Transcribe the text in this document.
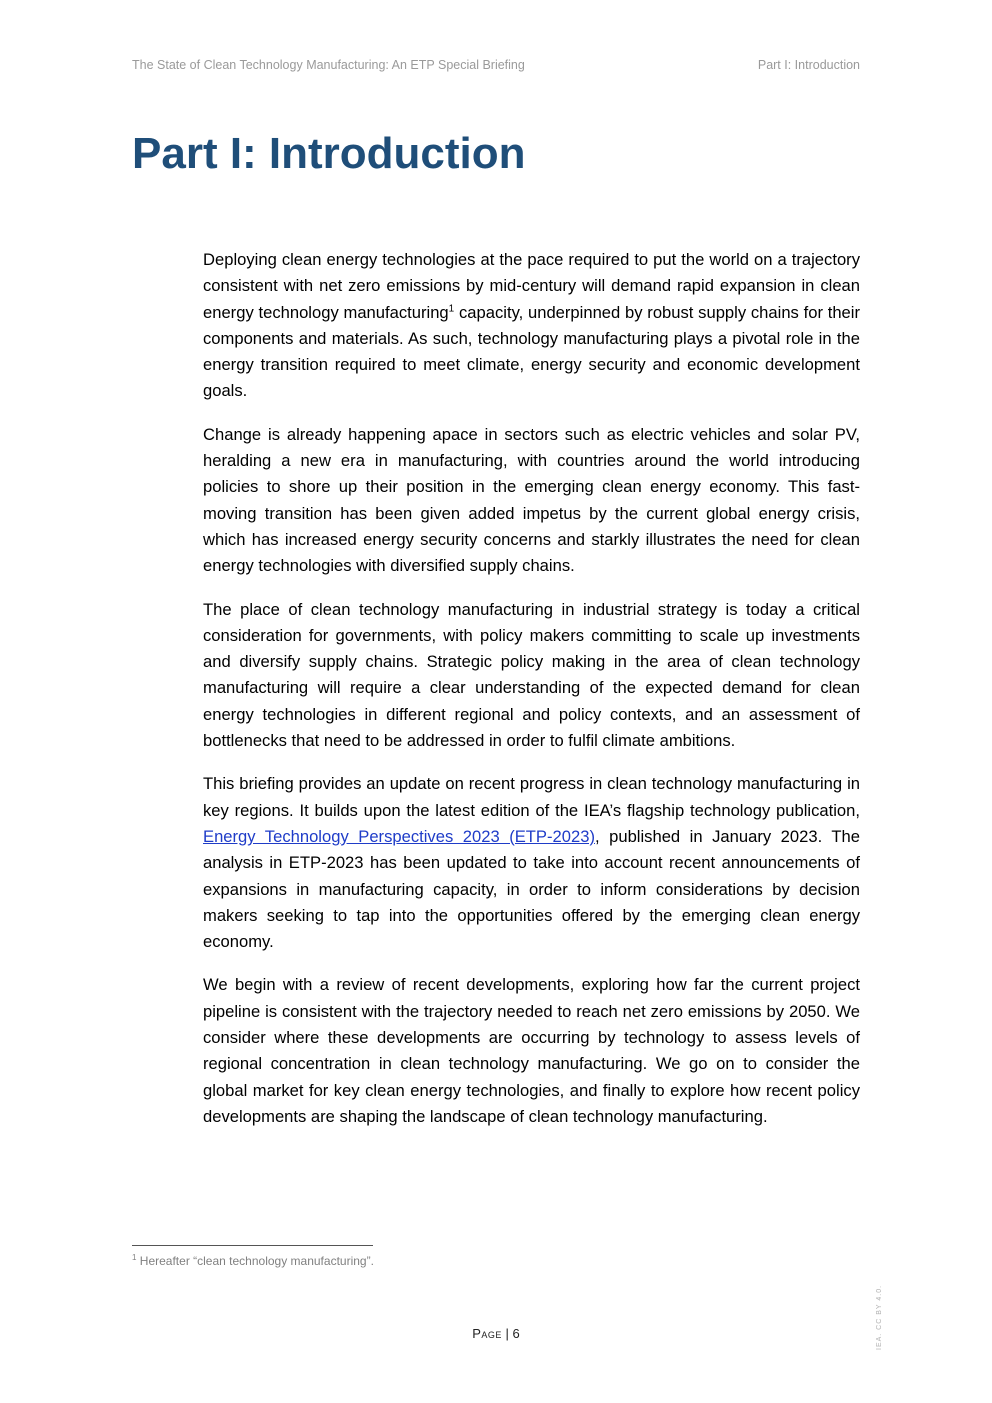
The State of Clean Technology Manufacturing: An ETP Special Briefing	Part I: Introduction
Part I: Introduction

Deploying clean energy technologies at the pace required to put the world on a trajectory consistent with net zero emissions by mid-century will demand rapid expansion in clean energy technology manufacturing$^1$ capacity, underpinned by robust supply chains for their components and materials. As such, technology manufacturing plays a pivotal role in the energy transition required to meet climate, energy security and economic development goals.

Change is already happening apace in sectors such as electric vehicles and solar PV, heralding a new era in manufacturing, with countries around the world introducing policies to shore up their position in the emerging clean energy economy. This fast-moving transition has been given added impetus by the current global energy crisis, which has increased energy security concerns and starkly illustrates the need for clean energy technologies with diversified supply chains.

The place of clean technology manufacturing in industrial strategy is today a critical consideration for governments, with policy makers committing to scale up investments and diversify supply chains. Strategic policy making in the area of clean technology manufacturing will require a clear understanding of the expected demand for clean energy technologies in different regional and policy contexts, and an assessment of bottlenecks that need to be addressed in order to fulfil climate ambitions.

This briefing provides an update on recent progress in clean technology manufacturing in key regions. It builds upon the latest edition of the IEA’s flagship technology publication, Energy Technology Perspectives 2023 (ETP-2023), published in January 2023. The analysis in ETP-2023 has been updated to take into account recent announcements of expansions in manufacturing capacity, in order to inform considerations by decision makers seeking to tap into the opportunities offered by the emerging clean energy economy.

We begin with a review of recent developments, exploring how far the current project pipeline is consistent with the trajectory needed to reach net zero emissions by 2050. We consider where these developments are occurring by technology to assess levels of regional concentration in clean technology manufacturing. We go on to consider the global market for key clean energy technologies, and finally to explore how recent policy developments are shaping the landscape of clean technology manufacturing.

$^1$ Hereafter “clean technology manufacturing”.
Page | 6	IEA. CC BY 4.0.
